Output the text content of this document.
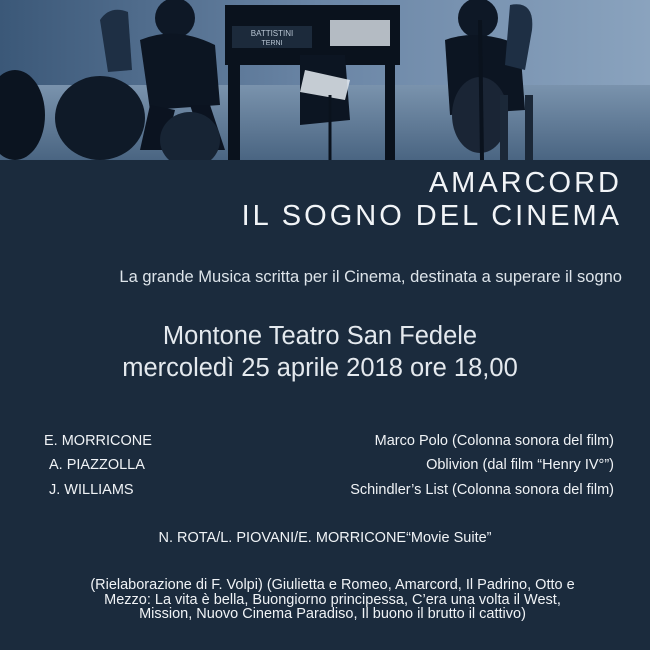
BATTISTINI
TERNI
AMARCORD
IL SOGNO DEL CINEMA
La grande Musica scritta per il Cinema, destinata a superare il sogno
Montone Teatro San Fedele
mercoledì 25 aprile 2018 ore 18,00
E. MORRICONE	Marco Polo (Colonna sonora del film)
A. PIAZZOLLA	Oblivion (dal film “Henry IV°”)
J. WILLIAMS	Schindler’s List (Colonna sonora del film)
N. ROTA/L. PIOVANI/E. MORRICONE“Movie Suite”
(Rielaborazione di F. Volpi) (Giulietta e Romeo, Amarcord, Il Padrino, Otto e
Mezzo: La vita è bella, Buongiorno principessa, C’era una volta il West,
Mission, Nuovo Cinema Paradiso, Il buono il brutto il cattivo)
